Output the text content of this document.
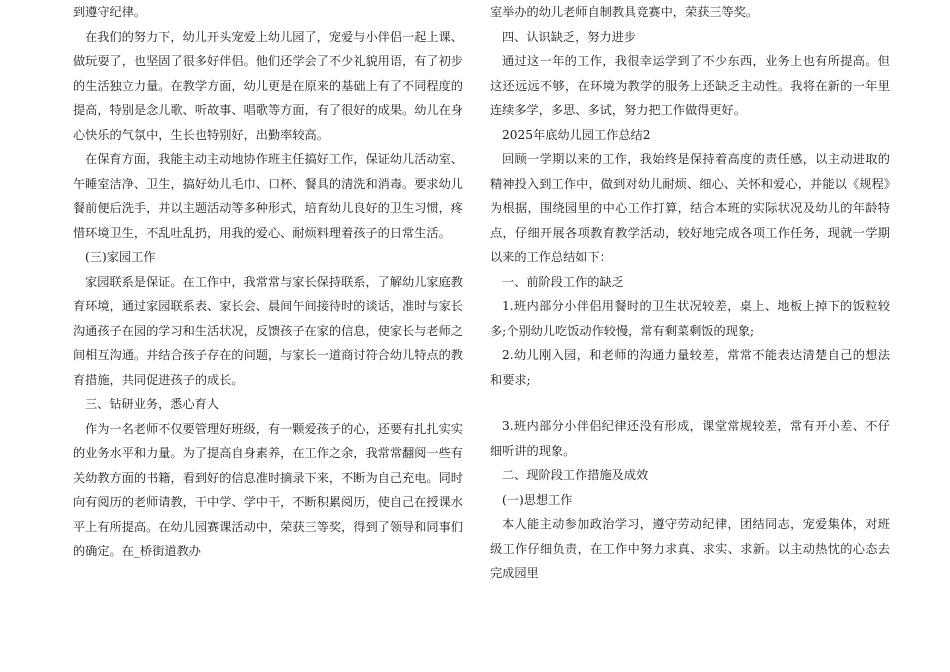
到遵守纪律。

在我们的努力下，幼儿开头宠爱上幼儿园了，宠爱与小伴侣一起上课、做玩耍了，也坚固了很多好伴侣。他们还学会了不少礼貌用语，有了初步的生活独立力量。在教学方面，幼儿更是在原来的基础上有了不同程度的提高，特别是念儿歌、听故事、唱歌等方面，有了很好的成果。幼儿在身心快乐的气氛中，生长也特别好，出勤率较高。

在保育方面，我能主动主动地协作班主任搞好工作，保证幼儿活动室、午睡室洁净、卫生，搞好幼儿毛巾、口杯、餐具的清洗和消毒。要求幼儿餐前便后洗手，并以主题活动等多种形式，培育幼儿良好的卫生习惯，疼惜环境卫生，不乱吐乱扔，用我的爱心、耐烦料理着孩子的日常生活。

(三)家园工作

家园联系是保证。在工作中，我常常与家长保持联系，了解幼儿家庭教育环境，通过家园联系表、家长会、晨间午间接待时的谈话，准时与家长沟通孩子在园的学习和生活状况，反馈孩子在家的信息，使家长与老师之间相互沟通。并结合孩子存在的问题，与家长一道商讨符合幼儿特点的教育措施，共同促进孩子的成长。

三、钻研业务，悉心育人

作为一名老师不仅要管理好班级，有一颗爱孩子的心，还要有扎扎实实的业务水平和力量。为了提高自身素养，在工作之余，我常常翻阅一些有关幼教方面的书籍，看到好的信息准时摘录下来，不断为自己充电。同时向有阅历的老师请教，干中学、学中干，不断积累阅历，使自己在授课水平上有所提高。在幼儿园赛课活动中，荣获三等奖，得到了领导和同事们的确定。在_桥街道教办

室举办的幼儿老师自制教具竞赛中，荣获三等奖。

四、认识缺乏，努力进步

通过这一年的工作，我很幸运学到了不少东西，业务上也有所提高。但这还远远不够，在环境为教学的服务上还缺乏主动性。我将在新的一年里连续多学，多思、多试，努力把工作做得更好。

2025年底幼儿园工作总结2

回顾一学期以来的工作，我始终是保持着高度的责任感，以主动进取的精神投入到工作中，做到对幼儿耐烦、细心、关怀和爱心，并能以《规程》为根据，围绕园里的中心工作打算，结合本班的实际状况及幼儿的年龄特点，仔细开展各项教育教学活动，较好地完成各项工作任务，现就一学期以来的工作总结如下：

一、前阶段工作的缺乏

1.班内部分小伴侣用餐时的卫生状况较差，桌上、地板上掉下的饭粒较多;个别幼儿吃饭动作较慢，常有剩菜剩饭的现象;

2.幼儿刚入园，和老师的沟通力量较差，常常不能表达清楚自己的想法和要求;

3.班内部分小伴侣纪律还没有形成，课堂常规较差，常有开小差、不仔细听讲的现象。

二、现阶段工作措施及成效

(一)思想工作

本人能主动参加政治学习，遵守劳动纪律，团结同志，宠爱集体，对班级工作仔细负责，在工作中努力求真、求实、求新。以主动热忱的心态去完成园里
